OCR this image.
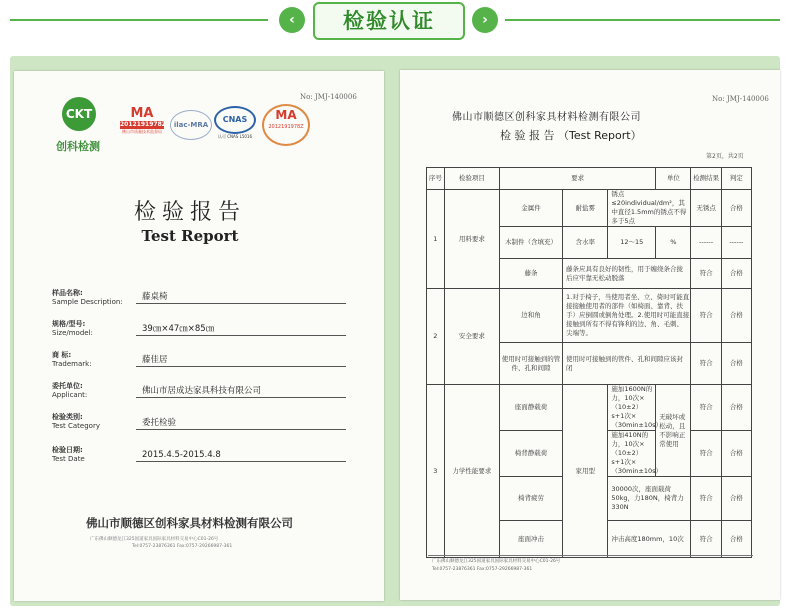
‹	检验认证	›
No: JMJ-140006
CKT
创科检测
MA
2012191978Z
佛山市质量技术监督局
ilac-MRA
CNAS
认可 CNAS L5016
MA
2012191978Z
检验报告
Test Report
样品名称:
Sample Description:	藤桌椅
规格/型号:
Size/model:	39㎝×47㎝×85㎝
商 标:
Trademark:	藤佳居
委托单位:
Applicant:	佛山市居成达家具科技有限公司
检验类别:
Test Category	委托检验
检验日期:
Test Date	2015.4.5-2015.4.8
佛山市顺德区创科家具材料检测有限公司
广东佛山顺德龙江325国道家具国际家具材料交易中心C01-26号
Tel:0757-23876361 Fax:0757-29266987-361
No: JMJ-140006
佛山市顺德区创科家具材料检测有限公司
检 验 报 告 （Test Report）
第2页，共2页
序号	检验项目	要求			单位	检测结果	判定
1	用料要求	金属件	耐盐雾	锈点≤20individual/dm²，其中直径1.5mm的锈点不得多于5点		无锈点	合格
		木制件（含填充）	含水率	12～15	%	------	------
		藤条	藤条应具有良好的韧性，用于缠绕条合拢后应牢靠无松动脱落			符合	合格
2	安全要求	边和角	1.对于椅子，当使用者坐、立、倚时可能直接接触使用者的部件（如椅面、靠背、扶手）应倒圆或倒角处理。2.使用时可能直接接触到所有不得有锋利的边、角、毛刺、尖端等。			符合	合格
		使用时可接触到的管件、孔和间隙	使用时可接触到的管件、孔和间隙应该封闭			符合	合格
3	力学性能要求	座面静载荷	家用型	施加1600N的力，10次×（10±2）s+1次×（30min±10s）	无破坏或松动，且不影响正常使用	符合	合格
		椅背静载荷		施加410N的力，10次×（10±2）s+1次×（30min±10s）		符合	合格
		椅背疲劳		30000次，座面载荷50kg，力180N，椅背力330N		符合	合格
		座面冲击		冲击高度180mm，10次		符合	合格
广东佛山顺德龙江325国道家具国际家具材料交易中心C01-26号
Tel:0757-23876361 Fax:0757-29266987-361
